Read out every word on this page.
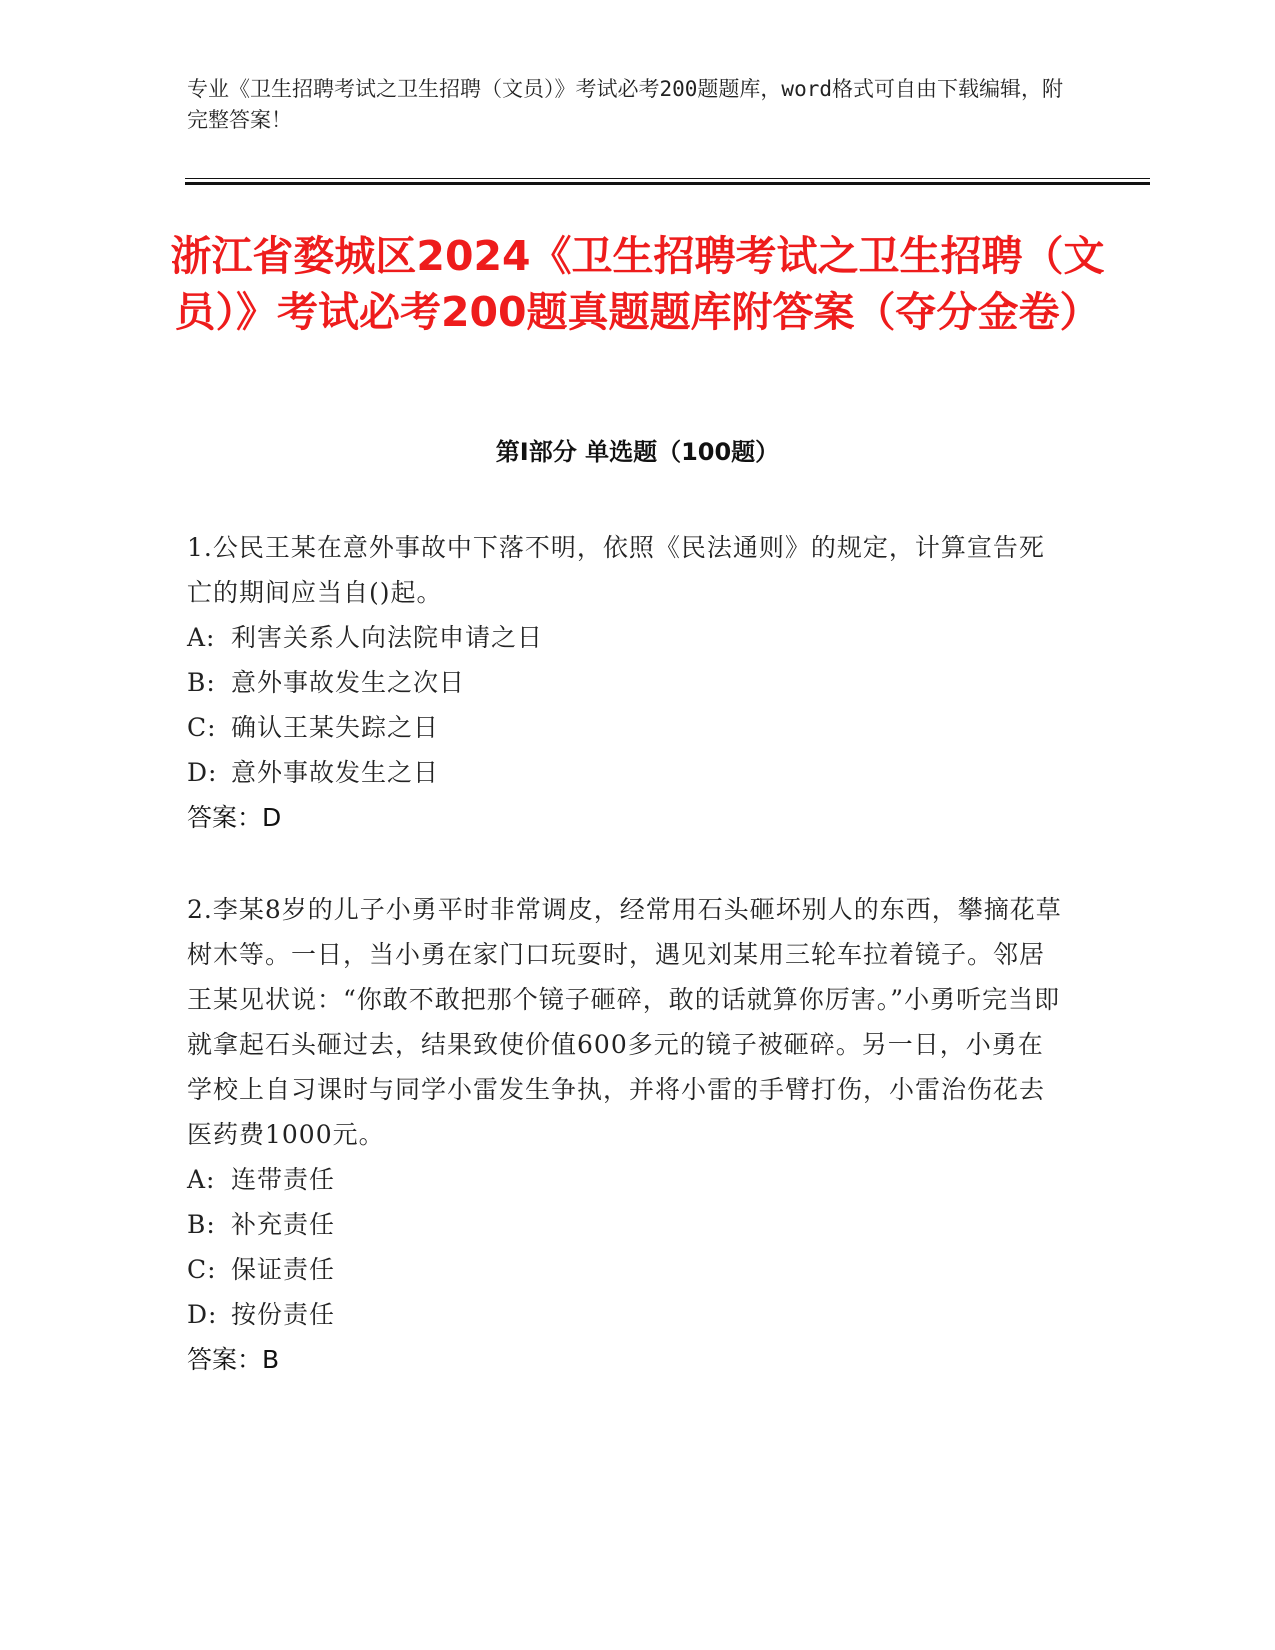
专业《卫生招聘考试之卫生招聘（文员）》考试必考200题题库，word格式可自由下载编辑，附完整答案！
浙江省婺城区2024《卫生招聘考试之卫生招聘（文员）》考试必考200题真题题库附答案（夺分金卷）
第Ⅰ部分 单选题（100题）

1.公民王某在意外事故中下落不明，依照《民法通则》的规定，计算宣告死亡的期间应当自()起。

A: 利害关系人向法院申请之日

B: 意外事故发生之次日

C: 确认王某失踪之日

D: 意外事故发生之日

答案：D

2.李某8岁的儿子小勇平时非常调皮，经常用石头砸坏别人的东西，攀摘花草树木等。一日，当小勇在家门口玩耍时，遇见刘某用三轮车拉着镜子。邻居王某见状说：“你敢不敢把那个镜子砸碎，敢的话就算你厉害。”小勇听完当即就拿起石头砸过去，结果致使价值600多元的镜子被砸碎。另一日，小勇在学校上自习课时与同学小雷发生争执，并将小雷的手臂打伤，小雷治伤花去医药费1000元。

A: 连带责任

B: 补充责任

C: 保证责任

D: 按份责任

答案：B
